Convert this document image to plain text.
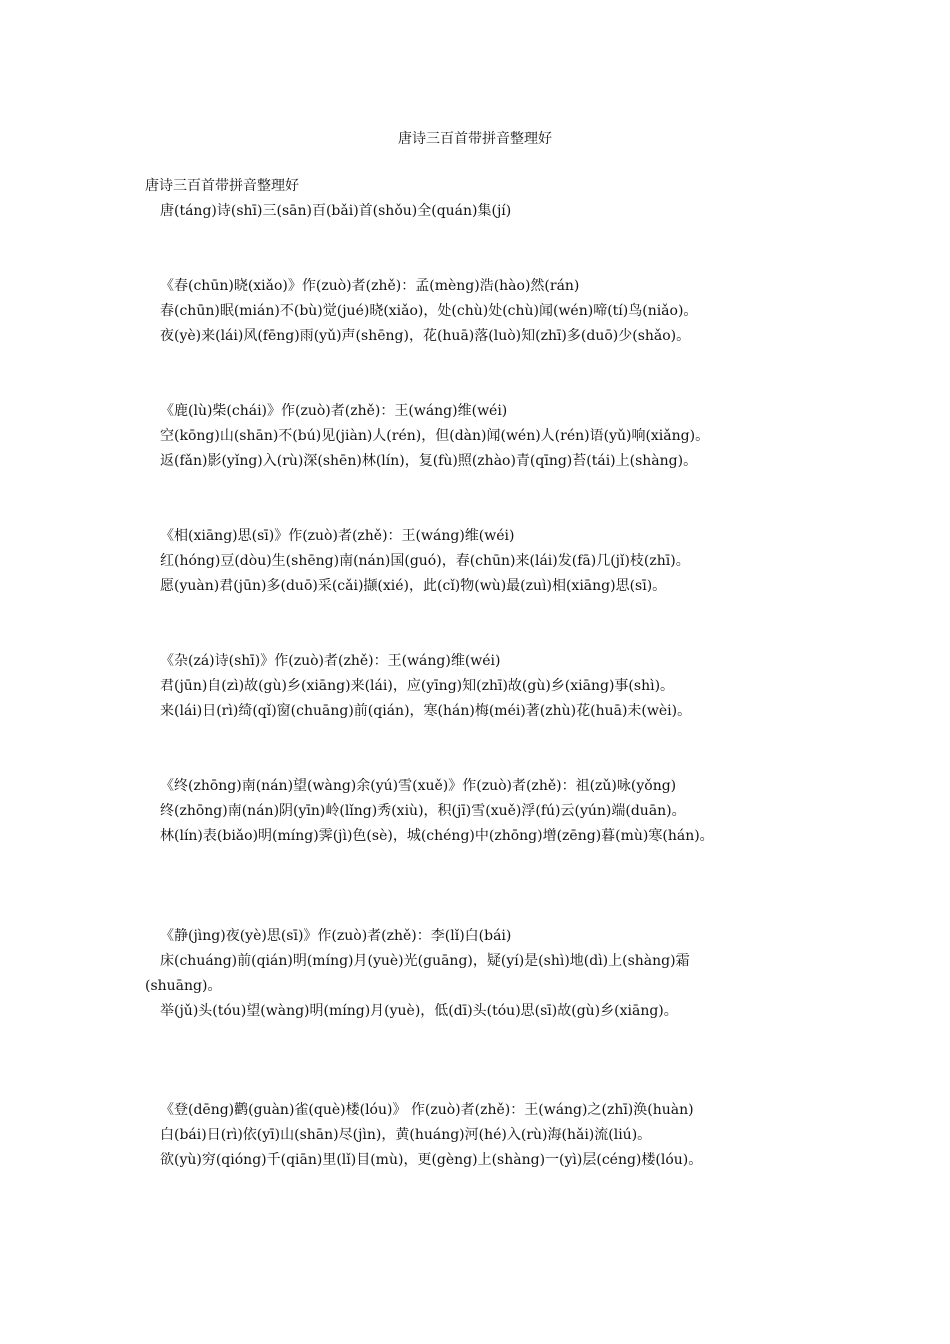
唐诗三百首带拼音整理好
唐诗三百首带拼音整理好
唐(táng)诗(shī)三(sān)百(bǎi)首(shǒu)全(quán)集(jí)
《春(chūn)晓(xiǎo)》作(zuò)者(zhě)：孟(mèng)浩(hào)然(rán)
春(chūn)眠(mián)不(bù)觉(jué)晓(xiǎo)，处(chù)处(chù)闻(wén)啼(tí)鸟(niǎo)。
夜(yè)来(lái)风(fēng)雨(yǔ)声(shēng)，花(huā)落(luò)知(zhī)多(duō)少(shǎo)。
《鹿(lù)柴(chái)》作(zuò)者(zhě)：王(wáng)维(wéi)
空(kōng)山(shān)不(bú)见(jiàn)人(rén)，但(dàn)闻(wén)人(rén)语(yǔ)响(xiǎng)。
返(fǎn)影(yǐng)入(rù)深(shēn)林(lín)，复(fù)照(zhào)青(qīng)苔(tái)上(shàng)。
《相(xiāng)思(sī)》作(zuò)者(zhě)：王(wáng)维(wéi)
红(hóng)豆(dòu)生(shēng)南(nán)国(guó)，春(chūn)来(lái)发(fā)几(jǐ)枝(zhī)。
愿(yuàn)君(jūn)多(duō)采(cǎi)撷(xié)，此(cǐ)物(wù)最(zuì)相(xiāng)思(sī)。
《杂(zá)诗(shī)》作(zuò)者(zhě)：王(wáng)维(wéi)
君(jūn)自(zì)故(gù)乡(xiāng)来(lái)，应(yīng)知(zhī)故(gù)乡(xiāng)事(shì)。
来(lái)日(rì)绮(qǐ)窗(chuāng)前(qián)，寒(hán)梅(méi)著(zhù)花(huā)未(wèi)。
《终(zhōng)南(nán)望(wàng)余(yú)雪(xuě)》作(zuò)者(zhě)：祖(zǔ)咏(yǒng)
终(zhōng)南(nán)阴(yīn)岭(lǐng)秀(xiù)，积(jī)雪(xuě)浮(fú)云(yún)端(duān)。
林(lín)表(biǎo)明(míng)霁(jì)色(sè)，城(chéng)中(zhōng)增(zēng)暮(mù)寒(hán)。
《静(jìng)夜(yè)思(sī)》作(zuò)者(zhě)：李(lǐ)白(bái)
床(chuáng)前(qián)明(míng)月(yuè)光(guāng)，疑(yí)是(shì)地(dì)上(shàng)霜
(shuāng)。
举(jǔ)头(tóu)望(wàng)明(míng)月(yuè)，低(dī)头(tóu)思(sī)故(gù)乡(xiāng)。
《登(dēng)鹳(guàn)雀(què)楼(lóu)》 作(zuò)者(zhě)：王(wáng)之(zhī)涣(huàn)
白(bái)日(rì)依(yī)山(shān)尽(jìn)，黄(huáng)河(hé)入(rù)海(hǎi)流(liú)。
欲(yù)穷(qióng)千(qiān)里(lǐ)目(mù)，更(gèng)上(shàng)一(yì)层(céng)楼(lóu)。
